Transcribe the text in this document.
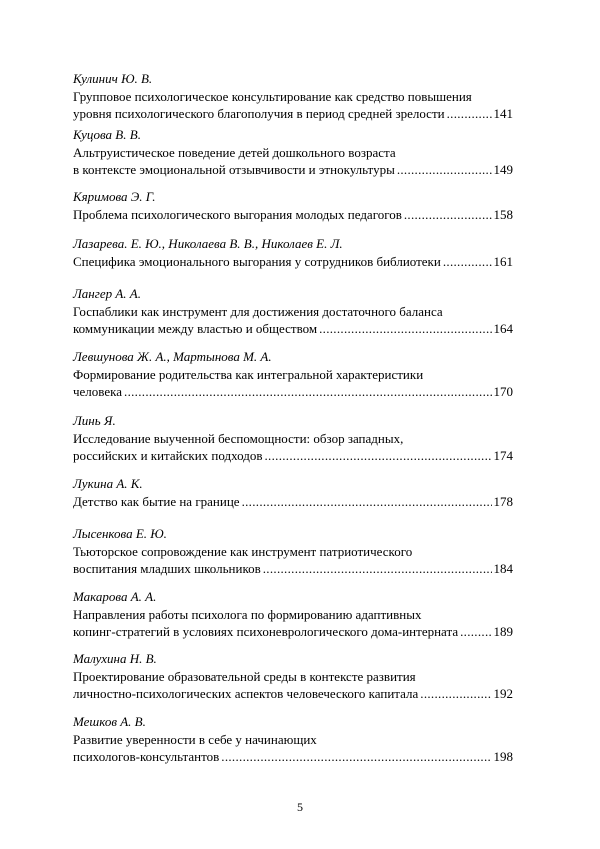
Кулинич Ю. В.
Групповое психологическое консультирование как средство повышения
уровня психологического благополучия в период средней зрелости .....	141
Куцова В. В.
Альтруистическое поведение детей дошкольного возраста
в контексте эмоциональной отзывчивости и этнокультуры .....	149
Кяримова Э. Г.
Проблема психологического выгорания молодых педагогов .....	158
Лазарева. Е. Ю., Николаева В. В., Николаев Е. Л.
Специфика эмоционального выгорания у сотрудников библиотеки .....	161
Лангер А. А.
Госпаблики как инструмент для достижения достаточного баланса
коммуникации между властью и обществом .....	164
Левшунова Ж. А., Мартынова М. А.
Формирование родительства как интегральной характеристики
человека .....	170
Линь Я.
Исследование выученной беспомощности: обзор западных,
российских и китайских подходов .....	174
Лукина А. К.
Детство как бытие на границе .....	178
Лысенкова Е. Ю.
Тьюторское сопровождение как инструмент патриотического
воспитания младших школьников .....	184
Макарова А. А.
Направления работы психолога по формированию адаптивных
копинг-стратегий в условиях психоневрологического дома-интерната .....	189
Малухина Н. В.
Проектирование образовательной среды в контексте развития
личностно-психологических аспектов человеческого капитала .....	192
Мешков А. В.
Развитие уверенности в себе у начинающих
психологов-консультантов .....	198
5
